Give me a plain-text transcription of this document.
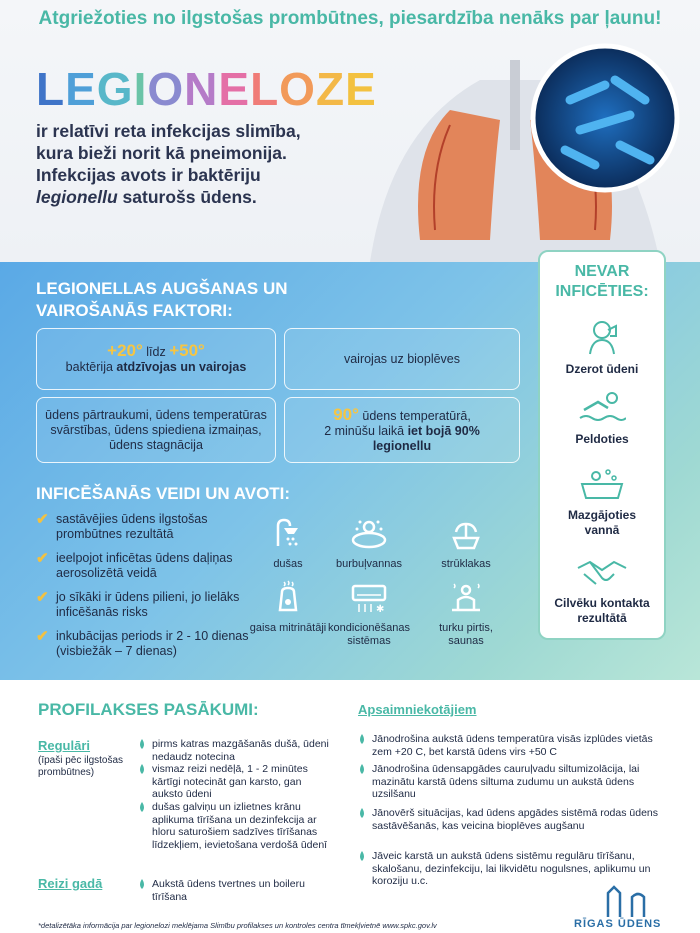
Atgriežoties no ilgstošas prombūtnes, piesardzība nenāks par ļaunu!
LEGIONELOZE
ir relatīvi reta infekcijas slimība,
kura bieži norit kā pneimonija.
Infekcijas avots ir baktēriju
legionellu saturošs ūdens.
LEGIONELLAS AUGŠANAS UN
VAIROŠANĀS FAKTORI:
+20° līdz +50°
baktērija atdzīvojas un vairojas
vairojas uz bioplēves
ūdens pārtraukumi, ūdens temperatūras svārstības, ūdens spiediena izmaiņas, ūdens stagnācija
90° ūdens temperatūrā,
2 minūšu laikā iet bojā 90%
legionellu
INFICĒŠANĀS VEIDI UN AVOTI:
✔ sastāvējies ūdens ilgstošas prombūtnes rezultātā
✔ ieelpojot inficētas ūdens daļiņas aerosolizētā veidā
✔ jo sīkāki ir ūdens pilieni, jo lielāks inficēšanās risks
✔ inkubācijas periods ir 2 - 10 dienas (visbiežāk – 7 dienas)
dušas	burbuļvannas	strūklakas
gaisa mitrinātāji
✱
kondicionēšanas sistēmas
turku pirtis, saunas
NEVAR
INFICĒTIES:
Dzerot ūdeni
Peldoties
Mazgājoties
vannā
Cilvēku kontakta
rezultātā
PROFILAKSES PASĀKUMI:	Apsaimniekotājiem
Regulāri
(īpaši pēc ilgstošas prombūtnes)
Reizi gadā
pirms katras mazgāšanās dušā, ūdeni nedaudz notecina
vismaz reizi nedēļā, 1 - 2 minūtes kārtīgi notecināt gan karsto, gan auksto ūdeni
dušas galviņu un izlietnes krānu aplikuma tīrīšana un dezinfekcija ar hloru saturošiem sadzīves tīrīšanas līdzekļiem, ievietošana verdošā ūdenī
Aukstā ūdens tvertnes un boileru tīrīšana
Jānodrošina aukstā ūdens temperatūra visās izplūdes vietās zem +20 C, bet karstā ūdens virs +50 C
Jānodrošina ūdensapgādes cauruļvadu siltumizolācija, lai mazinātu karstā ūdens siltuma zudumu un aukstā ūdens uzsilšanu
Jānovērš situācijas, kad ūdens apgādes sistēmā rodas ūdens sastāvēšanās, kas veicina bioplēves augšanu
Jāveic karstā un aukstā ūdens sistēmu regulāru tīrīšanu, skalošanu, dezinfekciju, lai likvidētu nogulsnes, aplikumu un koroziju u.c.
*detalizētāka informācija par legionelozi meklējama Slimību profilakses un kontroles centra tīmekļvietnē www.spkc.gov.lv	RĪGAS ŪDENS
